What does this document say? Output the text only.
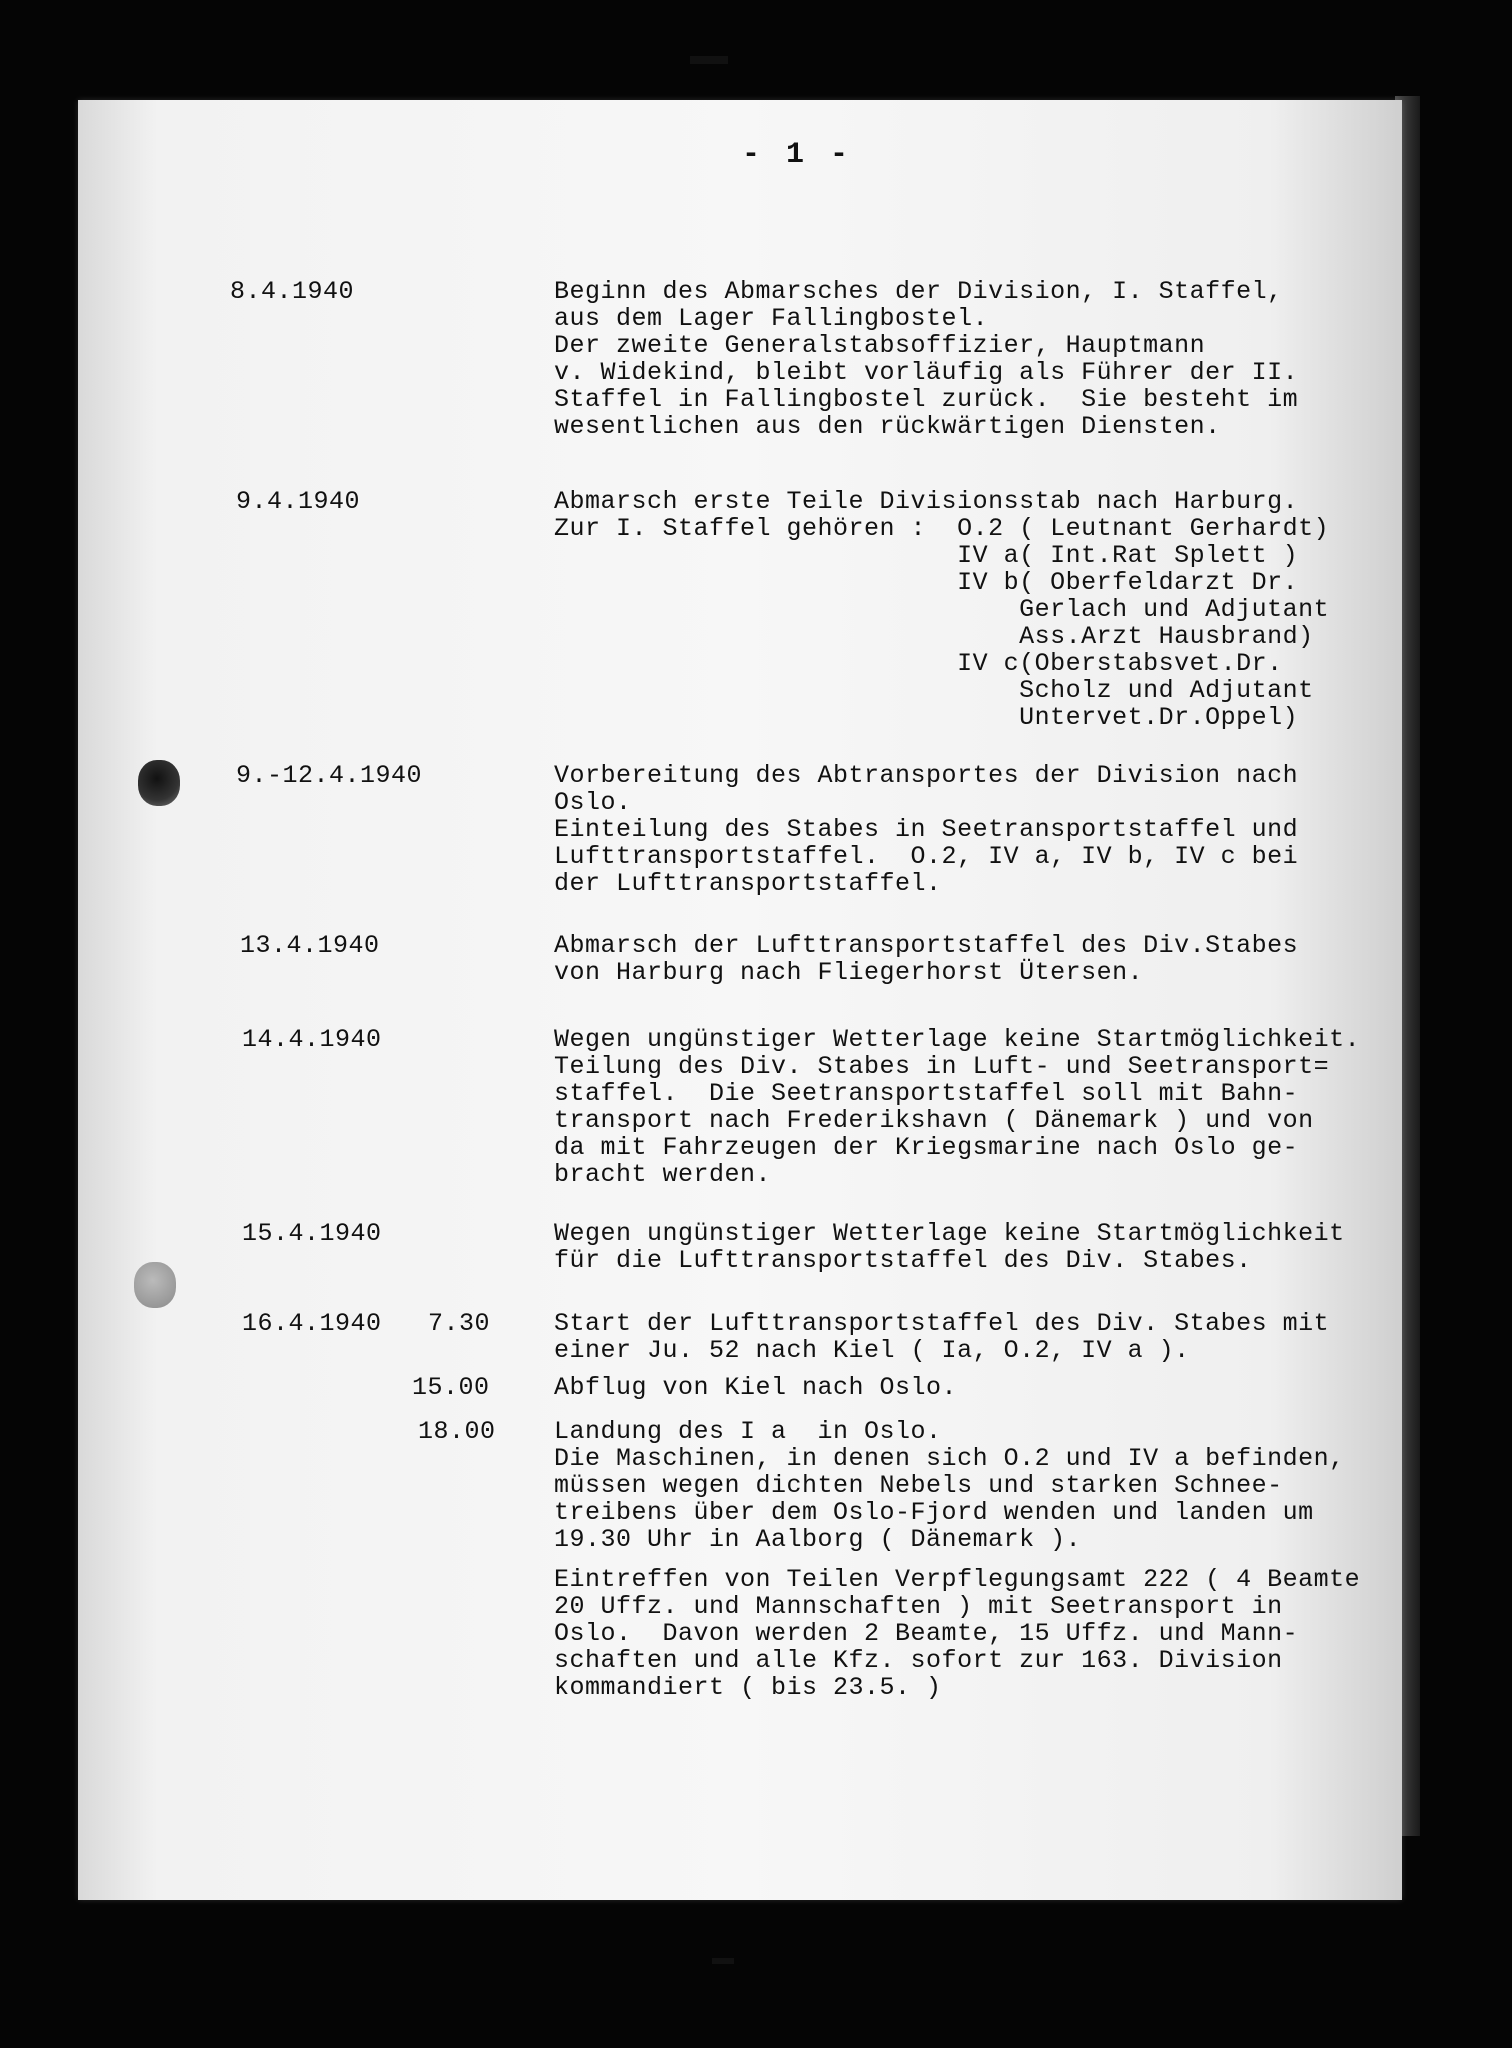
- 1 -
8.4.1940	Beginn des Abmarsches der Division, I. Staffel,
aus dem Lager Fallingbostel.
Der zweite Generalstabsoffizier, Hauptmann
v. Widekind, bleibt vorläufig als Führer der II.
Staffel in Fallingbostel zurück.  Sie besteht im
wesentlichen aus den rückwärtigen Diensten.
9.4.1940	Abmarsch erste Teile Divisionsstab nach Harburg.
Zur I. Staffel gehören :  O.2 ( Leutnant Gerhardt)
IV a( Int.Rat Splett )
IV b( Oberfeldarzt Dr.
Gerlach und Adjutant
Ass.Arzt Hausbrand)
IV c(Oberstabsvet.Dr.
Scholz und Adjutant
Untervet.Dr.Oppel)
9.-12.4.1940	Vorbereitung des Abtransportes der Division nach
Oslo.
Einteilung des Stabes in Seetransportstaffel und
Lufttransportstaffel.  O.2, IV a, IV b, IV c bei
der Lufttransportstaffel.
13.4.1940	Abmarsch der Lufttransportstaffel des Div.Stabes
von Harburg nach Fliegerhorst Ütersen.
14.4.1940	Wegen ungünstiger Wetterlage keine Startmöglichkeit.
Teilung des Div. Stabes in Luft- und Seetransport=
staffel.  Die Seetransportstaffel soll mit Bahn-
transport nach Frederikshavn ( Dänemark ) und von
da mit Fahrzeugen der Kriegsmarine nach Oslo ge-
bracht werden.
15.4.1940	Wegen ungünstiger Wetterlage keine Startmöglichkeit
für die Lufttransportstaffel des Div. Stabes.
16.4.1940 7.30	Start der Lufttransportstaffel des Div. Stabes mit
einer Ju. 52 nach Kiel ( Ia, O.2, IV a ).
15.00	Abflug von Kiel nach Oslo.
18.00 Landung des I a  in Oslo.
Die Maschinen, in denen sich O.2 und IV a befinden,
müssen wegen dichten Nebels und starken Schnee-
treibens über dem Oslo-Fjord wenden und landen um
19.30 Uhr in Aalborg ( Dänemark ).
Eintreffen von Teilen Verpflegungsamt 222 ( 4 Beamte
20 Uffz. und Mannschaften ) mit Seetransport in
Oslo.  Davon werden 2 Beamte, 15 Uffz. und Mann-
schaften und alle Kfz. sofort zur 163. Division
kommandiert ( bis 23.5. )
